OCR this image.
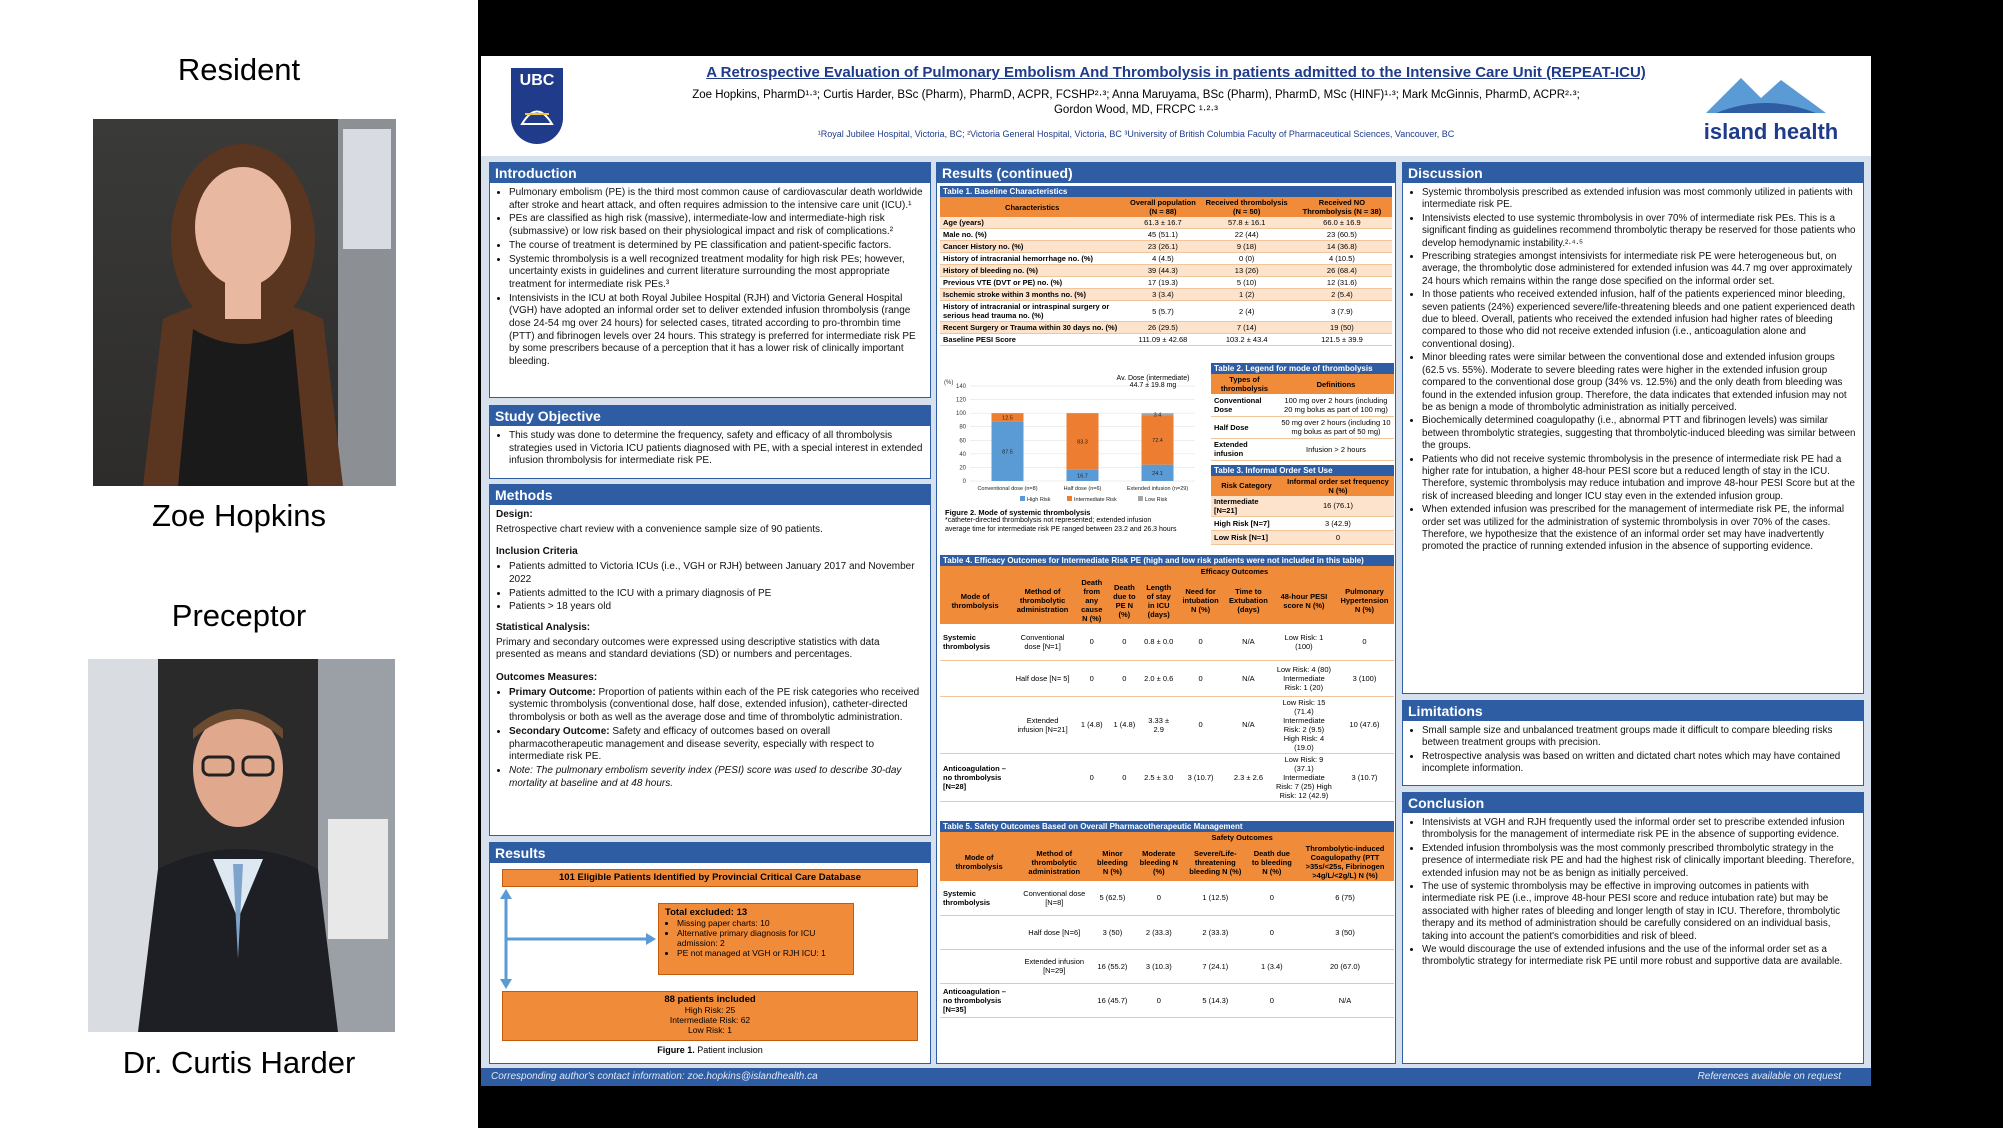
Resident
Zoe Hopkins
Preceptor
Dr. Curtis Harder
UBC	A Retrospective Evaluation of Pulmonary Embolism And Thrombolysis in patients admitted to the Intensive Care Unit (REPEAT-ICU)
Zoe Hopkins, PharmD¹·³; Curtis Harder, BSc (Pharm), PharmD, ACPR, FCSHP²·³; Anna Maruyama, BSc (Pharm), PharmD, MSc (HINF)¹·³; Mark McGinnis, PharmD, ACPR²·³;
Gordon Wood, MD, FRCPC ¹·²·³
¹Royal Jubilee Hospital, Victoria, BC; ²Victoria General Hospital, Victoria, BC ³University of British Columbia Faculty of Pharmaceutical Sciences, Vancouver, BC	island health
Introduction
• Pulmonary embolism (PE) is the third most common cause of cardiovascular death worldwide after stroke and heart attack, and often requires admission to the intensive care unit (ICU).¹
• PEs are classified as high risk (massive), intermediate-low and intermediate-high risk (submassive) or low risk based on their physiological impact and risk of complications.²
• The course of treatment is determined by PE classification and patient-specific factors.
• Systemic thrombolysis is a well recognized treatment modality for high risk PEs; however, uncertainty exists in guidelines and current literature surrounding the most appropriate treatment for intermediate risk PEs.³
• Intensivists in the ICU at both Royal Jubilee Hospital (RJH) and Victoria General Hospital (VGH) have adopted an informal order set to deliver extended infusion thrombolysis (range dose 24-54 mg over 24 hours) for selected cases, titrated according to pro-thrombin time (PTT) and fibrinogen levels over 24 hours. This strategy is preferred for intermediate risk PE by some prescribers because of a perception that it has a lower risk of clinically important bleeding.
Study Objective
• This study was done to determine the frequency, safety and efficacy of all thrombolysis strategies used in Victoria ICU patients diagnosed with PE, with a special interest in extended infusion thrombolysis for intermediate risk PE.
Methods

Design:

Retrospective chart review with a convenience sample size of 90 patients.

Inclusion Criteria

• Patients admitted to Victoria ICUs (i.e., VGH or RJH) between January 2017 and November 2022
• Patients admitted to the ICU with a primary diagnosis of PE
• Patients > 18 years old

Statistical Analysis:

Primary and secondary outcomes were expressed using descriptive statistics with data presented as means and standard deviations (SD) or numbers and percentages.

Outcomes Measures:

• Primary Outcome: Proportion of patients within each of the PE risk categories who received systemic thrombolysis (conventional dose, half dose, extended infusion), catheter-directed thrombolysis or both as well as the average dose and time of thrombolytic administration.
• Secondary Outcome: Safety and efficacy of outcomes based on overall pharmacotherapeutic management and disease severity, especially with respect to intermediate risk PE.
• Note: The pulmonary embolism severity index (PESI) score was used to describe 30-day mortality at baseline and at 48 hours.
Results
101 Eligible Patients Identified by Provincial Critical Care Database
Total excluded: 13
• Missing paper charts: 10
• Alternative primary diagnosis for ICU admission: 2
• PE not managed at VGH or RJH ICU: 1
88 patients included
High Risk: 25
Intermediate Risk: 62
Low Risk: 1
Figure 1. Patient inclusion
Results (continued)
Table 1. Baseline Characteristics
Characteristics	Overall population (N = 88)	Received thrombolysis (N = 50)	Received NO Thrombolysis (N = 38)
Age (years)	61.3 ± 16.7	57.8 ± 16.1	66.0 ± 16.9
Male no. (%)	45 (51.1)	22 (44)	23 (60.5)
Cancer History no. (%)	23 (26.1)	9 (18)	14 (36.8)
History of intracranial hemorrhage no. (%)	4 (4.5)	0 (0)	4 (10.5)
History of bleeding no. (%)	39 (44.3)	13 (26)	26 (68.4)
Previous VTE (DVT or PE) no. (%)	17 (19.3)	5 (10)	12 (31.6)
Ischemic stroke within 3 months no. (%)	3 (3.4)	1 (2)	2 (5.4)
History of intracranial or intraspinal surgery or serious head trauma no. (%)	5 (5.7)	2 (4)	3 (7.9)
Recent Surgery or Trauma within 30 days no. (%)	26 (29.5)	7 (14)	19 (50)
Baseline PESI Score	111.09 ± 42.68	103.2 ± 43.4	121.5 ± 39.9
Av. Dose (intermediate)
44.7 ± 19.8 mg
0
20
40
60
80
100
120
140
(%)
87.5
12.5
Conventional dose (n=8)
16.7
83.3
Half dose (n=6)
24.1
72.4
3.4
Extended infusion (n=29)
High Risk	Intermediate Risk	Low Risk
Figure 2. Mode of systemic thrombolysis
*catheter-directed thrombolysis not represented; extended infusion
average time for intermediate risk PE ranged between 23.2 and 26.3 hours
Table 2. Legend for mode of thrombolysis
Types of thrombolysis	Definitions
Conventional Dose	100 mg over 2 hours (including 20 mg bolus as part of 100 mg)
Half Dose	50 mg over 2 hours (including 10 mg bolus as part of 50 mg)
Extended infusion	Infusion > 2 hours
Table 3. Informal Order Set Use
Risk Category	Informal order set frequency N (%)
Intermediate [N=21]	16 (76.1)
High Risk [N=7]	3 (42.9)
Low Risk [N=1]	0
Table 4. Efficacy Outcomes for Intermediate Risk PE (high and low risk patients were not included in this table)
		Efficacy Outcomes						
Mode of thrombolysis	Method of thrombolytic administration	Death from any cause N (%)	Death due to PE N (%)	Length of stay in ICU (days)	Need for intubation N (%)	Time to Extubation (days)	48-hour PESI score N (%)	Pulmonary Hypertension N (%)
Systemic thrombolysis	Conventional dose [N=1]	0	0	0.8 ± 0.0	0	N/A	Low Risk: 1 (100)	0
	Half dose [N= 5]	0	0	2.0 ± 0.6	0	N/A	Low Risk: 4 (80) Intermediate Risk: 1 (20)	3 (100)
	Extended infusion [N=21]	1 (4.8)	1 (4.8)	3.33 ± 2.9	0	N/A	Low Risk: 15 (71.4) Intermediate Risk: 2 (9.5) High Risk: 4 (19.0)	10 (47.6)
Anticoagulation – no thrombolysis [N=28]		0	0	2.5 ± 3.0	3 (10.7)	2.3 ± 2.6	Low Risk: 9 (37.1) Intermediate Risk: 7 (25) High Risk: 12 (42.9)	3 (10.7)
Table 5. Safety Outcomes Based on Overall Pharmacotherapeutic Management
		Safety Outcomes				
Mode of thrombolysis	Method of thrombolytic administration	Minor bleeding N (%)	Moderate bleeding N (%)	Severe/Life-threatening bleeding N (%)	Death due to bleeding N (%)	Thrombolytic-induced Coagulopathy (PTT >35s/<25s, Fibrinogen >4g/L/<2g/L) N (%)
Systemic thrombolysis	Conventional dose [N=8]	5 (62.5)	0	1 (12.5)	0	6 (75)
	Half dose [N=6]	3 (50)	2 (33.3)	2 (33.3)	0	3 (50)
	Extended infusion [N=29]	16 (55.2)	3 (10.3)	7 (24.1)	1 (3.4)	20 (67.0)
Anticoagulation – no thrombolysis [N=35]		16 (45.7)	0	5 (14.3)	0	N/A
Discussion
• Systemic thrombolysis prescribed as extended infusion was most commonly utilized in patients with intermediate risk PE.
• Intensivists elected to use systemic thrombolysis in over 70% of intermediate risk PEs. This is a significant finding as guidelines recommend thrombolytic therapy be reserved for those patients who develop hemodynamic instability.²·⁴·⁵
• Prescribing strategies amongst intensivists for intermediate risk PE were heterogeneous but, on average, the thrombolytic dose administered for extended infusion was 44.7 mg over approximately 24 hours which remains within the range dose specified on the informal order set.
• In those patients who received extended infusion, half of the patients experienced minor bleeding, seven patients (24%) experienced severe/life-threatening bleeds and one patient experienced death due to bleed. Overall, patients who received the extended infusion had higher rates of bleeding compared to those who did not receive extended infusion (i.e., anticoagulation alone and conventional dosing).
• Minor bleeding rates were similar between the conventional dose and extended infusion groups (62.5 vs. 55%). Moderate to severe bleeding rates were higher in the extended infusion group compared to the conventional dose group (34% vs. 12.5%) and the only death from bleeding was found in the extended infusion group. Therefore, the data indicates that extended infusion may not be as benign a mode of thrombolytic administration as initially perceived.
• Biochemically determined coagulopathy (i.e., abnormal PTT and fibrinogen levels) was similar between thrombolytic strategies, suggesting that thrombolytic-induced bleeding was similar between the groups.
• Patients who did not receive systemic thrombolysis in the presence of intermediate risk PE had a higher rate for intubation, a higher 48-hour PESI score but a reduced length of stay in the ICU. Therefore, systemic thrombolysis may reduce intubation and improve 48-hour PESI Score but at the risk of increased bleeding and longer ICU stay even in the extended infusion group.
• When extended infusion was prescribed for the management of intermediate risk PE, the informal order set was utilized for the administration of systemic thrombolysis in over 70% of the cases. Therefore, we hypothesize that the existence of an informal order set may have inadvertently promoted the practice of running extended infusion in the absence of supporting evidence.
Limitations
• Small sample size and unbalanced treatment groups made it difficult to compare bleeding risks between treatment groups with precision.
• Retrospective analysis was based on written and dictated chart notes which may have contained incomplete information.
Conclusion
• Intensivists at VGH and RJH frequently used the informal order set to prescribe extended infusion thrombolysis for the management of intermediate risk PE in the absence of supporting evidence.
• Extended infusion thrombolysis was the most commonly prescribed thrombolytic strategy in the presence of intermediate risk PE and had the highest risk of clinically important bleeding. Therefore, extended infusion may not be as benign as initially perceived.
• The use of systemic thrombolysis may be effective in improving outcomes in patients with intermediate risk PE (i.e., improve 48-hour PESI score and reduce intubation rate) but may be associated with higher rates of bleeding and longer length of stay in ICU. Therefore, thrombolytic therapy and its method of administration should be carefully considered on an individual basis, taking into account the patient's comorbidities and risk of bleed.
• We would discourage the use of extended infusions and the use of the informal order set as a thrombolytic strategy for intermediate risk PE until more robust and supportive data are available.
Corresponding author's contact information: zoe.hopkins@islandhealth.ca	References available on request
